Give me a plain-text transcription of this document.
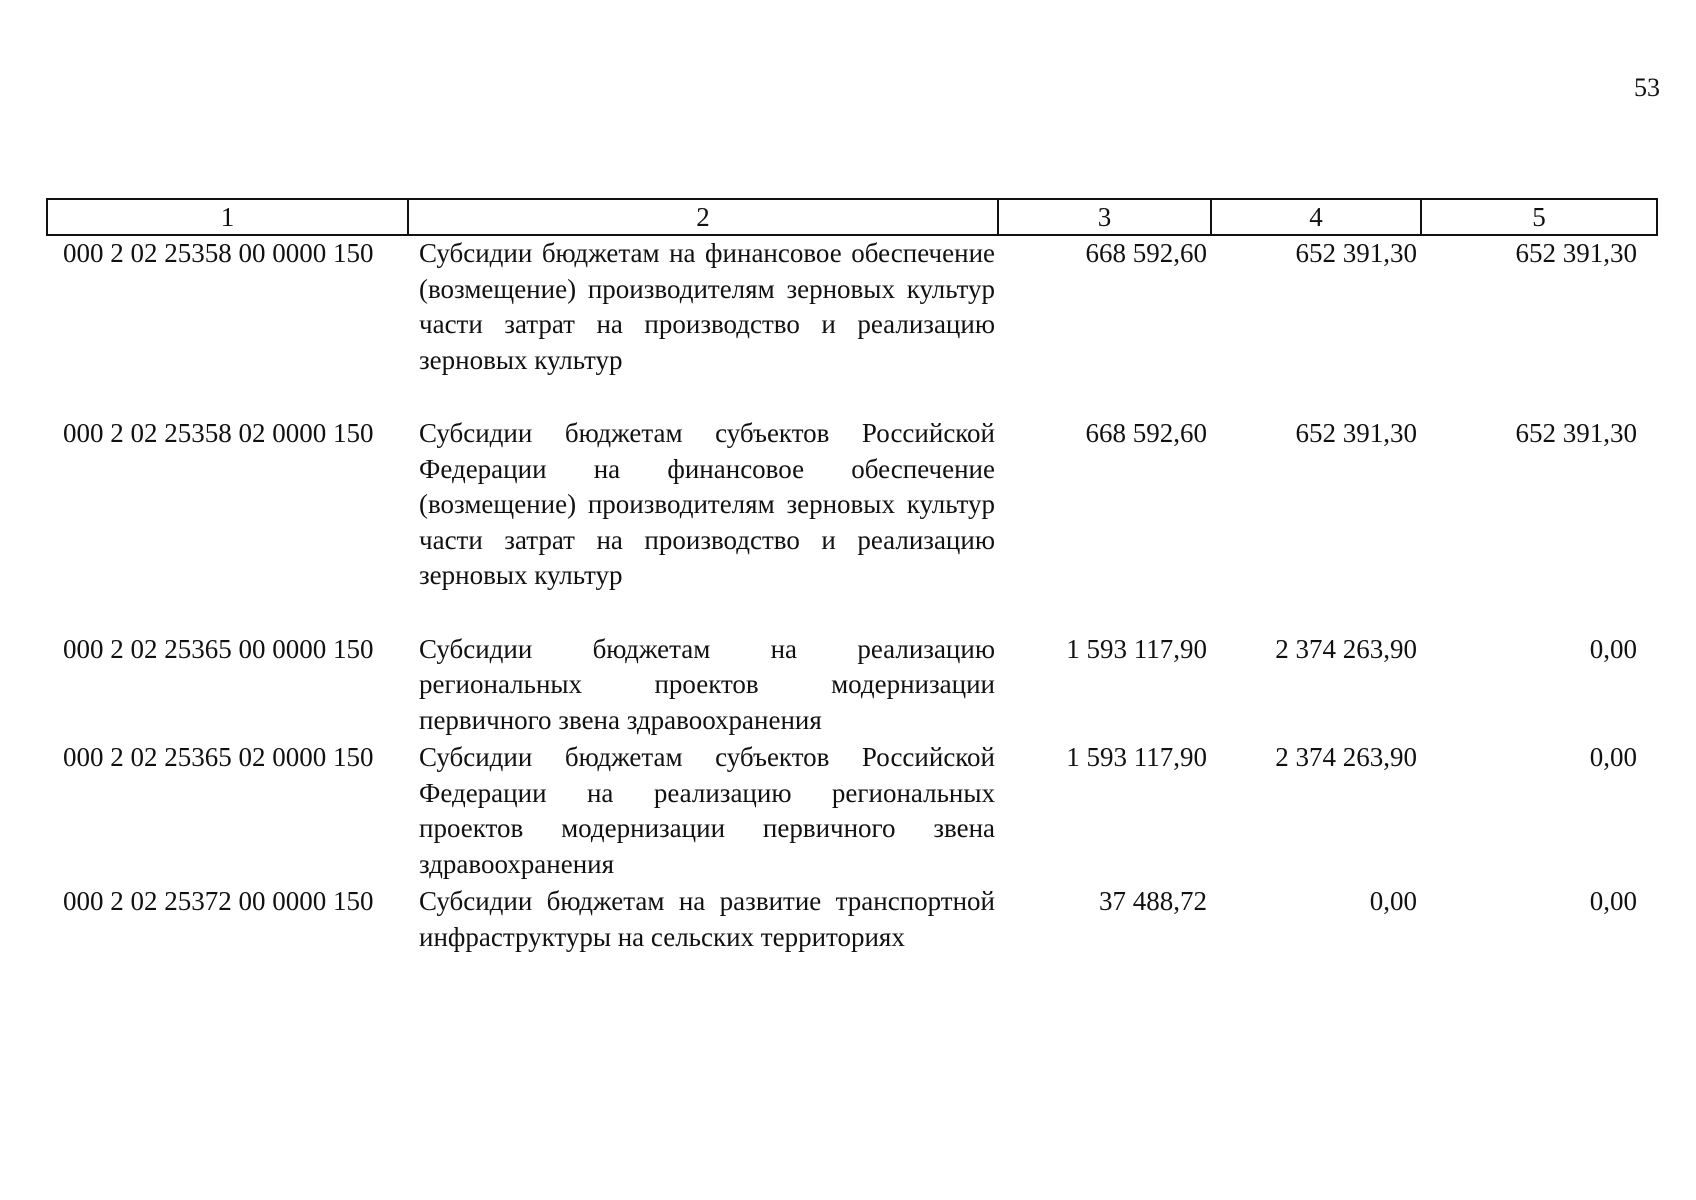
53
1	2	3	4	5
000 2 02 25358 00 0000 150	Субсидии бюджетам на финансовое обеспечение (возмещение) производителям зерновых культур части затрат на производство и реализацию зерновых культур	668 592,60	652 391,30	652 391,30
000 2 02 25358 02 0000 150	Субсидии бюджетам субъектов Российской Федерации на финансовое обеспечение (возмещение) производителям зерновых культур части затрат на производство и реализацию зерновых культур	668 592,60	652 391,30	652 391,30
000 2 02 25365 00 0000 150	Субсидии бюджетам на реализацию региональных проектов модернизации первичного звена здравоохранения	1 593 117,90	2 374 263,90	0,00
000 2 02 25365 02 0000 150	Субсидии бюджетам субъектов Российской Федерации на реализацию региональных проектов модернизации первичного звена здравоохранения	1 593 117,90	2 374 263,90	0,00
000 2 02 25372 00 0000 150	Субсидии бюджетам на развитие транспортной инфраструктуры на сельских территориях	37 488,72	0,00	0,00
